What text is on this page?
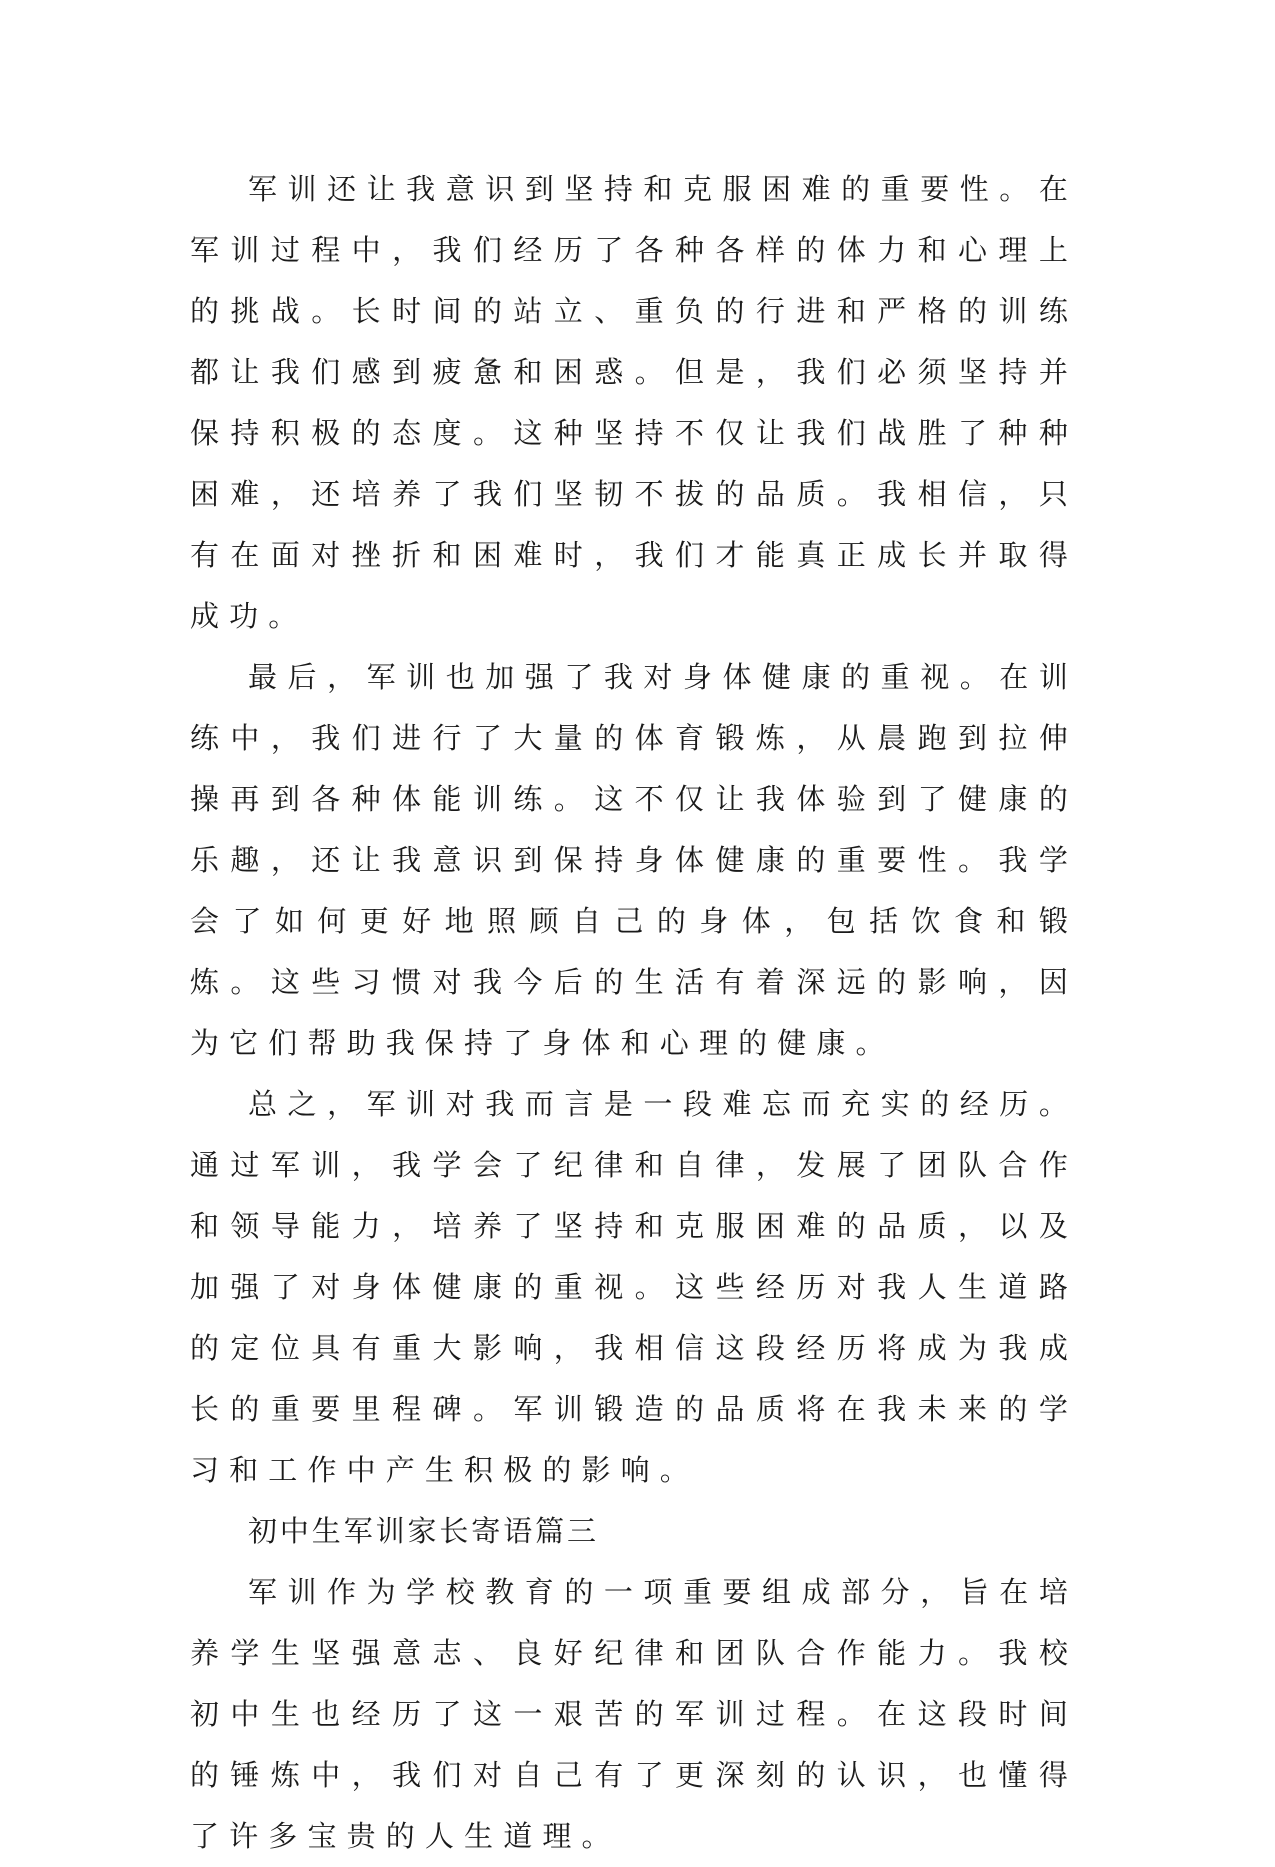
军训还让我意识到坚持和克服困难的重要性。在军训过程中，我们经历了各种各样的体力和心理上的挑战。长时间的站立、重负的行进和严格的训练都让我们感到疲惫和困惑。但是，我们必须坚持并保持积极的态度。这种坚持不仅让我们战胜了种种困难，还培养了我们坚韧不拔的品质。我相信，只有在面对挫折和困难时，我们才能真正成长并取得成功。

最后，军训也加强了我对身体健康的重视。在训练中，我们进行了大量的体育锻炼，从晨跑到拉伸操再到各种体能训练。这不仅让我体验到了健康的乐趣，还让我意识到保持身体健康的重要性。我学会了如何更好地照顾自己的身体，包括饮食和锻炼。这些习惯对我今后的生活有着深远的影响，因为它们帮助我保持了身体和心理的健康。

总之，军训对我而言是一段难忘而充实的经历。通过军训，我学会了纪律和自律，发展了团队合作和领导能力，培养了坚持和克服困难的品质，以及加强了对身体健康的重视。这些经历对我人生道路的定位具有重大影响，我相信这段经历将成为我成长的重要里程碑。军训锻造的品质将在我未来的学习和工作中产生积极的影响。

初中生军训家长寄语篇三

军训作为学校教育的一项重要组成部分，旨在培养学生坚强意志、良好纪律和团队合作能力。我校初中生也经历了这一艰苦的军训过程。在这段时间的锤炼中，我们对自己有了更深刻的认识，也懂得了许多宝贵的人生道理。
